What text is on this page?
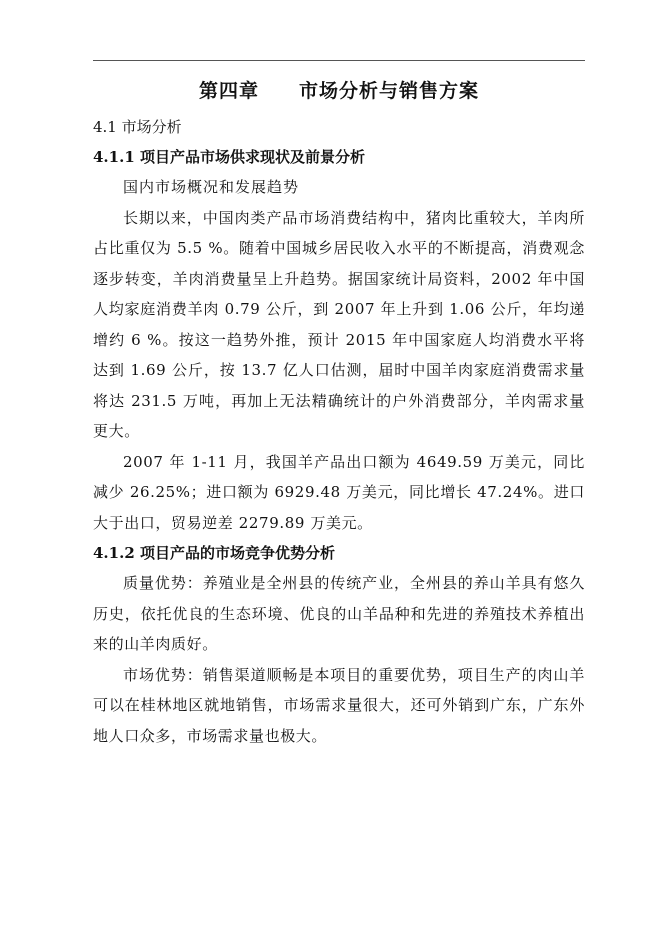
第四章 市场分析与销售方案

4.1 市场分析

4.1.1 项目产品市场供求现状及前景分析

国内市场概况和发展趋势

长期以来，中国肉类产品市场消费结构中，猪肉比重较大，羊肉所占比重仅为 5.5 %。随着中国城乡居民收入水平的不断提高，消费观念逐步转变，羊肉消费量呈上升趋势。据国家统计局资料，2002 年中国人均家庭消费羊肉 0.79 公斤，到 2007 年上升到 1.06 公斤，年均递增约 6 %。按这一趋势外推，预计 2015 年中国家庭人均消费水平将达到 1.69 公斤，按 13.7 亿人口估测，届时中国羊肉家庭消费需求量将达 231.5 万吨，再加上无法精确统计的户外消费部分，羊肉需求量更大。

2007 年 1-11 月，我国羊产品出口额为 4649.59 万美元，同比减少 26.25%；进口额为 6929.48 万美元，同比增长 47.24%。进口大于出口，贸易逆差 2279.89 万美元。

4.1.2 项目产品的市场竞争优势分析

质量优势：养殖业是全州县的传统产业，全州县的养山羊具有悠久历史，依托优良的生态环境、优良的山羊品种和先进的养殖技术养植出来的山羊肉质好。

市场优势：销售渠道顺畅是本项目的重要优势，项目生产的肉山羊可以在桂林地区就地销售，市场需求量很大，还可外销到广东，广东外地人口众多，市场需求量也极大。
